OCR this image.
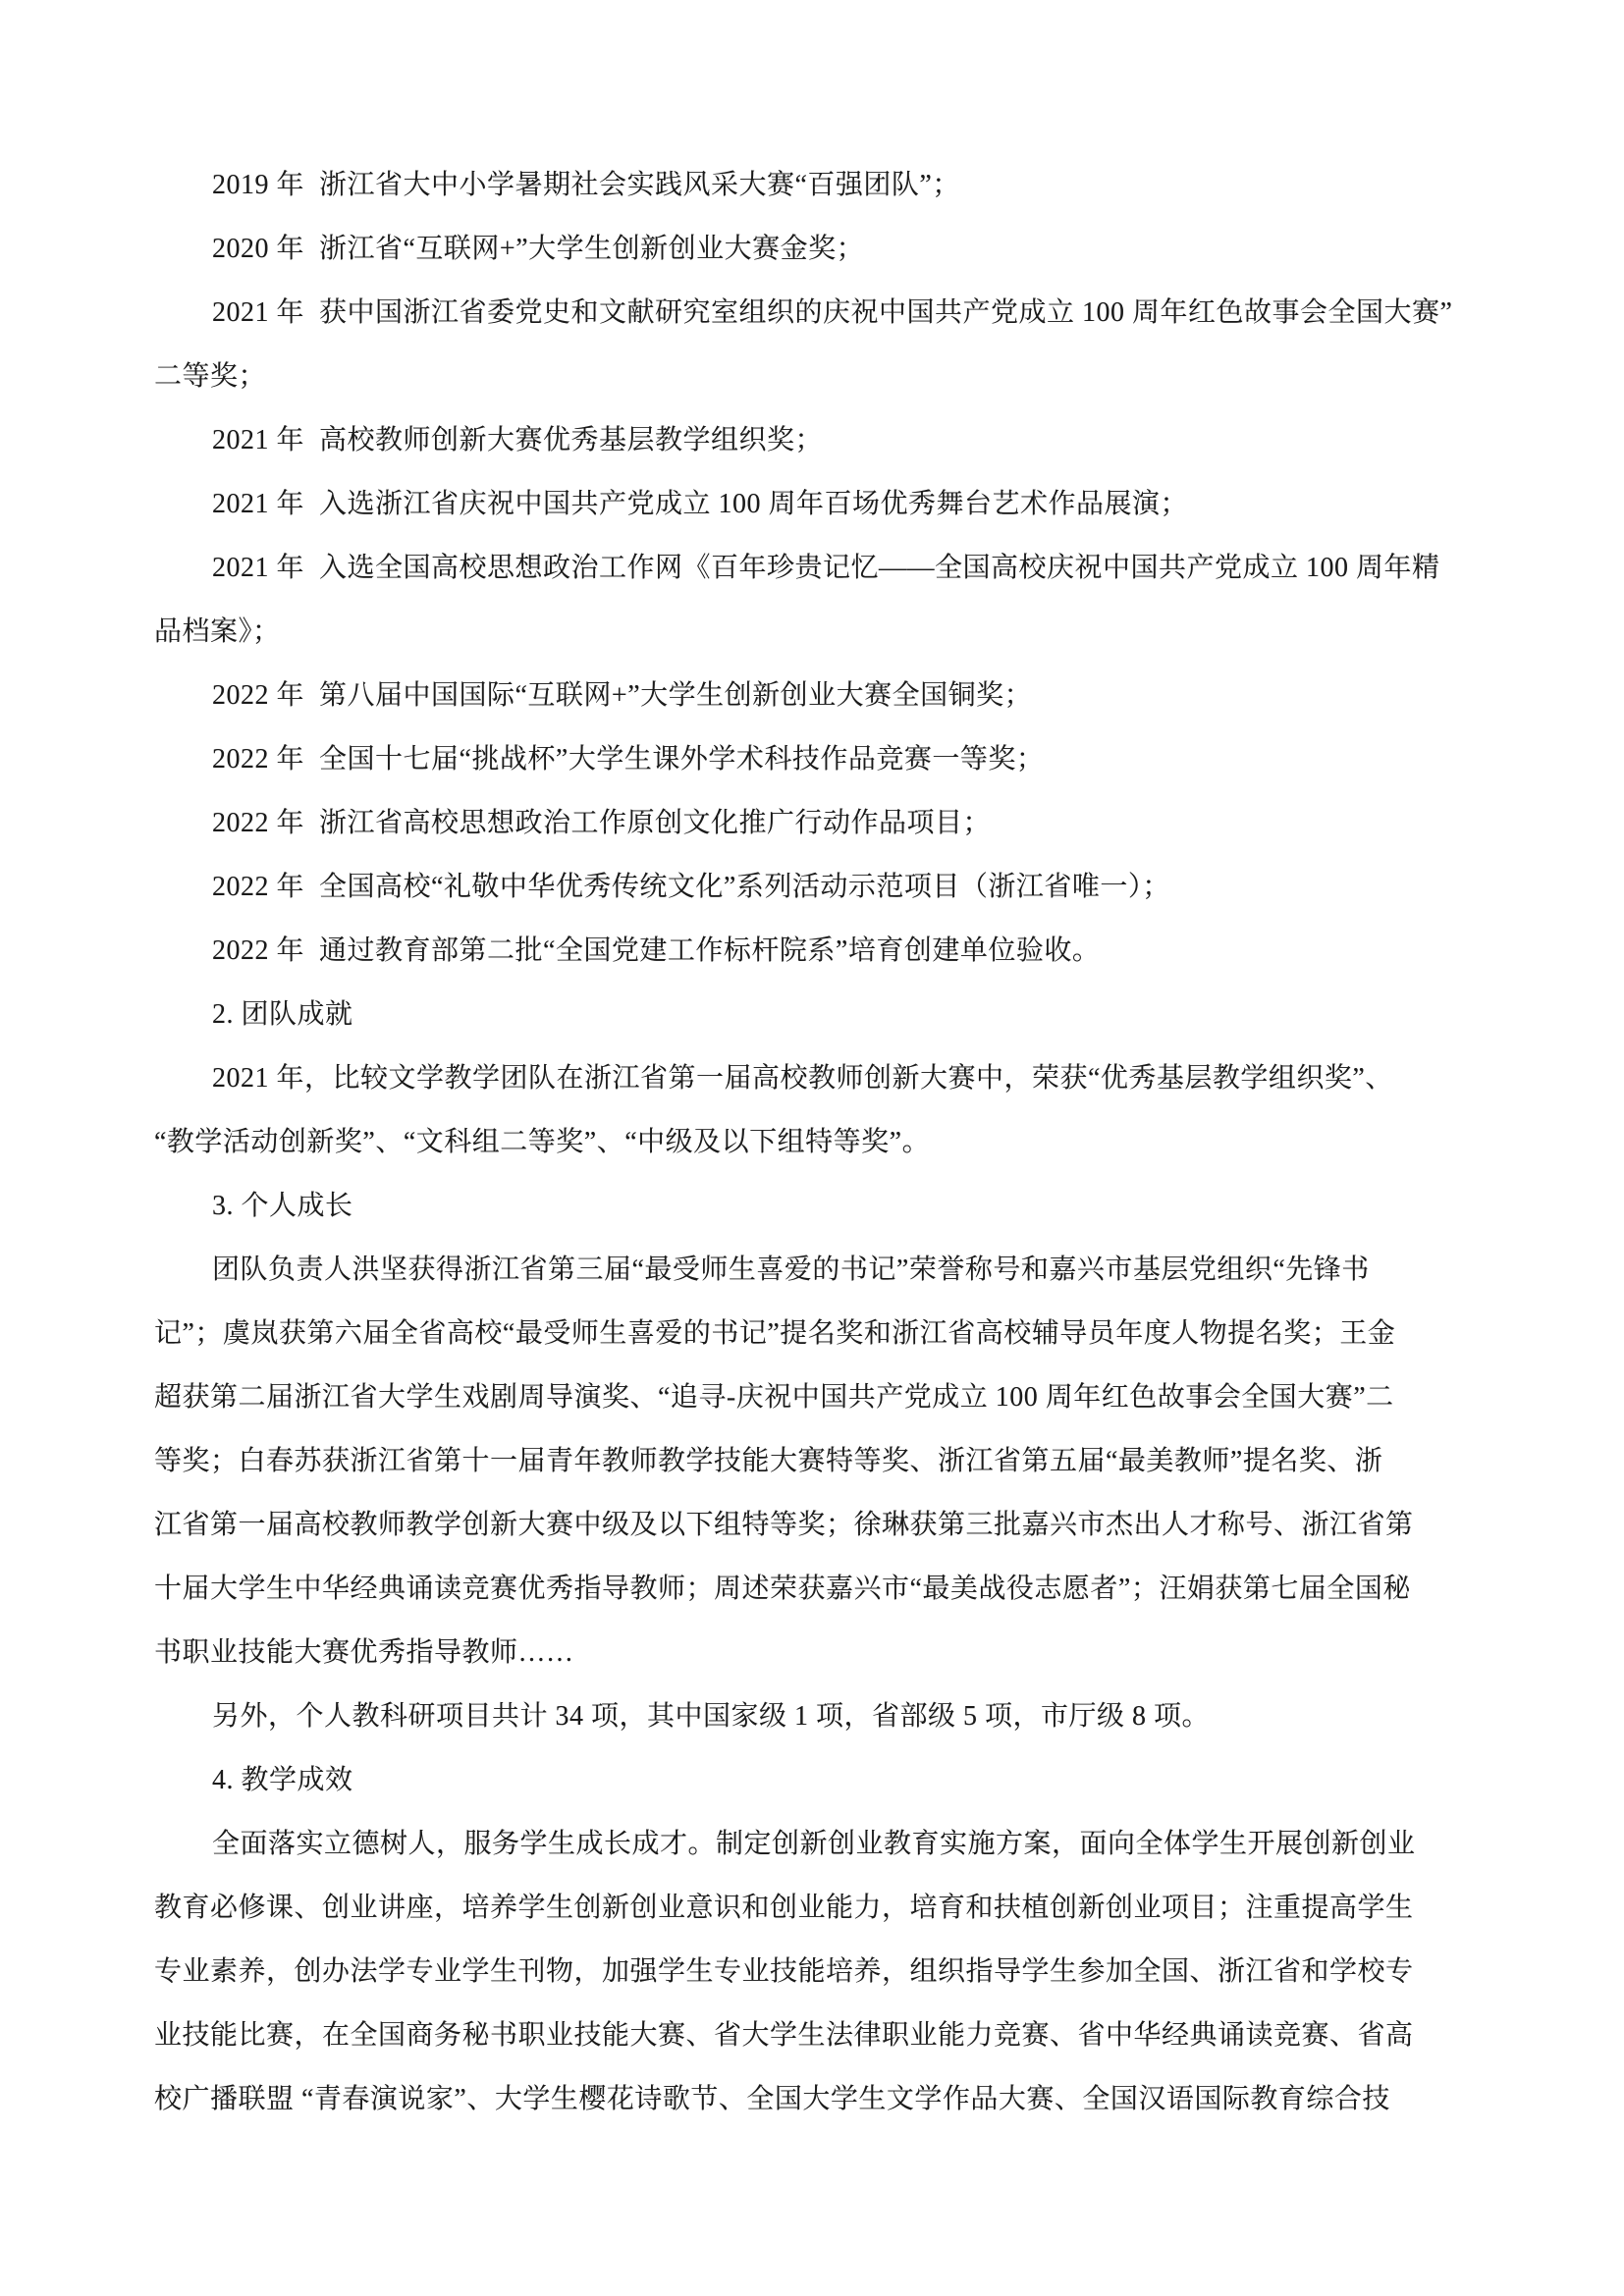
2019 年  浙江省大中小学暑期社会实践风采大赛“百强团队”；
2020 年  浙江省“互联网+”大学生创新创业大赛金奖；
2021 年  获中国浙江省委党史和文献研究室组织的庆祝中国共产党成立 100 周年红色故事会全国大赛”
二等奖；
2021 年  高校教师创新大赛优秀基层教学组织奖；
2021 年  入选浙江省庆祝中国共产党成立 100 周年百场优秀舞台艺术作品展演；
2021 年  入选全国高校思想政治工作网《百年珍贵记忆——全国高校庆祝中国共产党成立 100 周年精
品档案》；
2022 年  第八届中国国际“互联网+”大学生创新创业大赛全国铜奖；
2022 年  全国十七届“挑战杯”大学生课外学术科技作品竞赛一等奖；
2022 年  浙江省高校思想政治工作原创文化推广行动作品项目；
2022 年  全国高校“礼敬中华优秀传统文化”系列活动示范项目（浙江省唯一）；
2022 年  通过教育部第二批“全国党建工作标杆院系”培育创建单位验收。
2. 团队成就
2021 年，比较文学教学团队在浙江省第一届高校教师创新大赛中，荣获“优秀基层教学组织奖”、
“教学活动创新奖”、“文科组二等奖”、“中级及以下组特等奖”。
3. 个人成长
团队负责人洪坚获得浙江省第三届“最受师生喜爱的书记”荣誉称号和嘉兴市基层党组织“先锋书
记”；虞岚获第六届全省高校“最受师生喜爱的书记”提名奖和浙江省高校辅导员年度人物提名奖；王金
超获第二届浙江省大学生戏剧周导演奖、“追寻-庆祝中国共产党成立 100 周年红色故事会全国大赛”二
等奖；白春苏获浙江省第十一届青年教师教学技能大赛特等奖、浙江省第五届“最美教师”提名奖、浙
江省第一届高校教师教学创新大赛中级及以下组特等奖；徐琳获第三批嘉兴市杰出人才称号、浙江省第
十届大学生中华经典诵读竞赛优秀指导教师；周述荣获嘉兴市“最美战役志愿者”；汪娟获第七届全国秘
书职业技能大赛优秀指导教师……
另外，个人教科研项目共计 34 项，其中国家级 1 项，省部级 5 项，市厅级 8 项。
4. 教学成效
全面落实立德树人，服务学生成长成才。制定创新创业教育实施方案，面向全体学生开展创新创业
教育必修课、创业讲座，培养学生创新创业意识和创业能力，培育和扶植创新创业项目；注重提高学生
专业素养，创办法学专业学生刊物，加强学生专业技能培养，组织指导学生参加全国、浙江省和学校专
业技能比赛，在全国商务秘书职业技能大赛、省大学生法律职业能力竞赛、省中华经典诵读竞赛、省高
校广播联盟 “青春演说家”、大学生樱花诗歌节、全国大学生文学作品大赛、全国汉语国际教育综合技
